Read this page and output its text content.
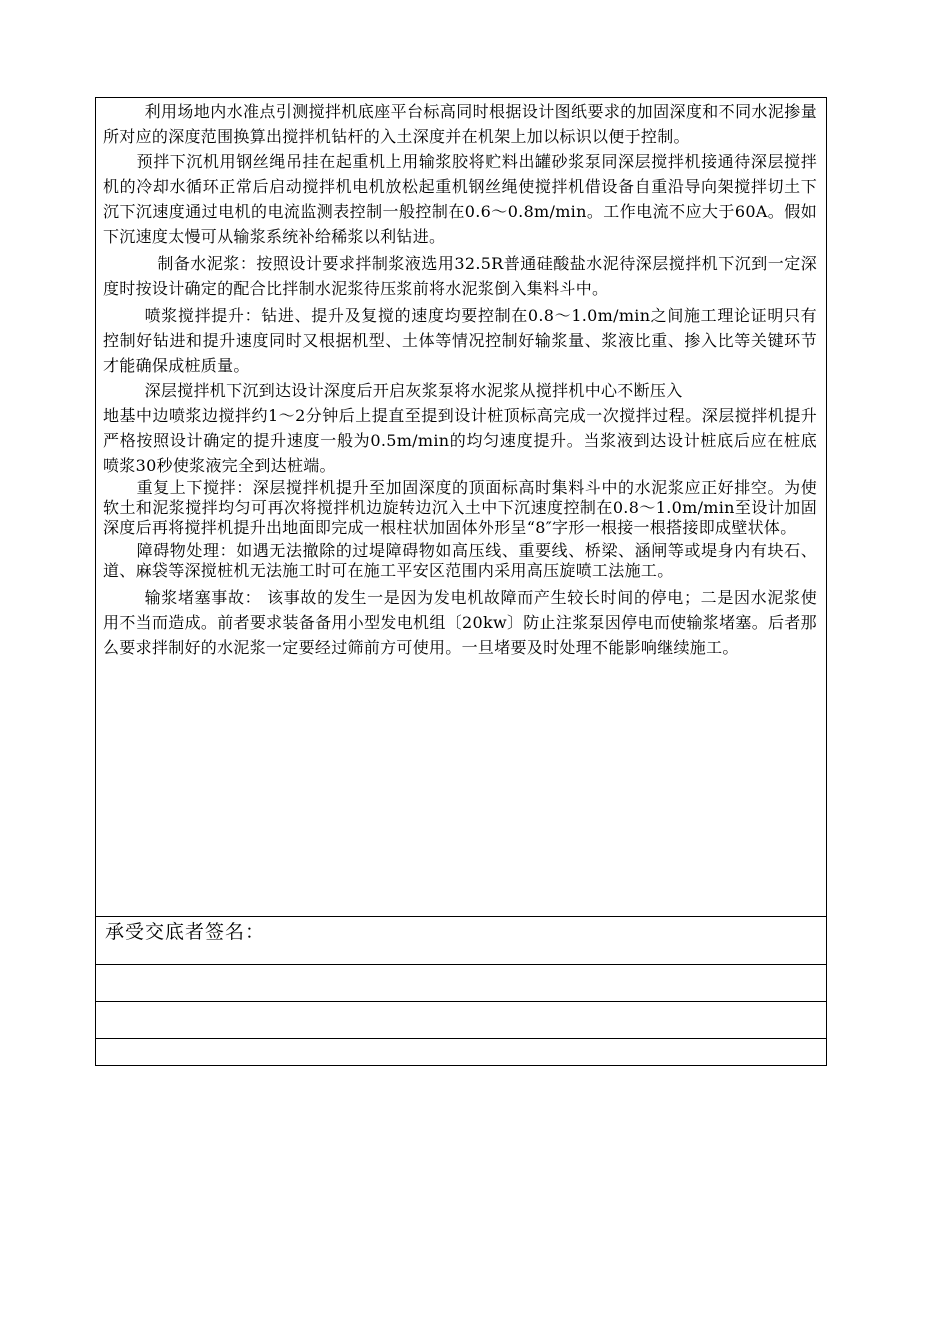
利用场地内水准点引测搅拌机底座平台标高同时根据设计图纸要求的加固深度和不同水泥掺量所对应的深度范围换算出搅拌机钻杆的入土深度并在机架上加以标识以便于控制。

预拌下沉机用钢丝绳吊挂在起重机上用输浆胶将贮料出罐砂浆泵同深层搅拌机接通待深层搅拌机的冷却水循环正常后启动搅拌机电机放松起重机钢丝绳使搅拌机借设备自重沿导向架搅拌切土下沉下沉速度通过电机的电流监测表控制一般控制在0.6～0.8m/min。工作电流不应大于60A。假如下沉速度太慢可从输浆系统补给稀浆以利钻进。

制备水泥浆：按照设计要求拌制浆液选用32.5R普通硅酸盐水泥待深层搅拌机下沉到一定深度时按设计确定的配合比拌制水泥浆待压浆前将水泥浆倒入集料斗中。

喷浆搅拌提升：钻进、提升及复搅的速度均要控制在0.8～1.0m/min之间施工理论证明只有控制好钻进和提升速度同时又根据机型、土体等情况控制好输浆量、浆液比重、掺入比等关键环节才能确保成桩质量。

深层搅拌机下沉到达设计深度后开启灰浆泵将水泥浆从搅拌机中心不断压入

地基中边喷浆边搅拌约1～2分钟后上提直至提到设计桩顶标高完成一次搅拌过程。深层搅拌机提升严格按照设计确定的提升速度一般为0.5m/min的均匀速度提升。当浆液到达设计桩底后应在桩底喷浆30秒使浆液完全到达桩端。

重复上下搅拌：深层搅拌机提升至加固深度的顶面标高时集料斗中的水泥浆应正好排空。为使软土和泥浆搅拌均匀可再次将搅拌机边旋转边沉入土中下沉速度控制在0.8～1.0m/min至设计加固深度后再将搅拌机提升出地面即完成一根柱状加固体外形呈“8″字形一根接一根搭接即成壁状体。

障碍物处理：如遇无法撤除的过堤障碍物如高压线、重要线、桥梁、涵闸等或堤身内有块石、道、麻袋等深搅桩机无法施工时可在施工平安区范围内采用高压旋喷工法施工。

输浆堵塞事故： 该事故的发生一是因为发电机故障而产生较长时间的停电；二是因水泥浆使用不当而造成。前者要求装备备用小型发电机组〔20kw〕防止注浆泵因停电而使输浆堵塞。后者那么要求拌制好的水泥浆一定要经过筛前方可使用。一旦堵要及时处理不能影响继续施工。

承受交底者签名：
